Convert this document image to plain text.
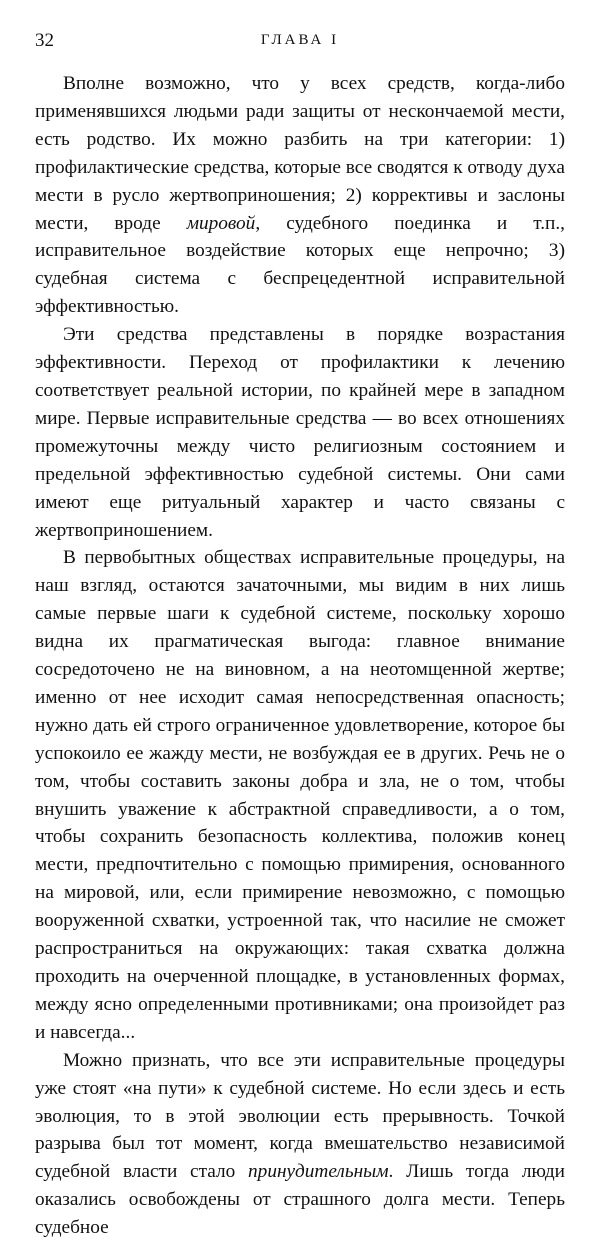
32	ГЛАВА I

Вполне возможно, что у всех средств, когда-либо применявшихся людьми ради защиты от нескончаемой мести, есть родство. Их можно разбить на три категории: 1) профилактические средства, которые все сводятся к отводу духа мести в русло жертвоприношения; 2) коррективы и заслоны мести, вроде мировой, судебного поединка и т.п., исправительное воздействие которых еще непрочно; 3) судебная система с беспрецедентной исправительной эффективностью.

Эти средства представлены в порядке возрастания эффективности. Переход от профилактики к лечению соответствует реальной истории, по крайней мере в западном мире. Первые исправительные средства — во всех отношениях промежуточны между чисто религиозным состоянием и предельной эффективностью судебной системы. Они сами имеют еще ритуальный характер и часто связаны с жертвоприношением.

В первобытных обществах исправительные процедуры, на наш взгляд, остаются зачаточными, мы видим в них лишь самые первые шаги к судебной системе, поскольку хорошо видна их прагматическая выгода: главное внимание сосредоточено не на виновном, а на неотомщенной жертве; именно от нее исходит самая непосредственная опасность; нужно дать ей строго ограниченное удовлетворение, которое бы успокоило ее жажду мести, не возбуждая ее в других. Речь не о том, чтобы составить законы добра и зла, не о том, чтобы внушить уважение к абстрактной справедливости, а о том, чтобы сохранить безопасность коллектива, положив конец мести, предпочтительно с помощью примирения, основанного на мировой, или, если примирение невозможно, с помощью вооруженной схватки, устроенной так, что насилие не сможет распространиться на окружающих: такая схватка должна проходить на очерченной площадке, в установленных формах, между ясно определенными противниками; она произойдет раз и навсегда...

Можно признать, что все эти исправительные процедуры уже стоят «на пути» к судебной системе. Но если здесь и есть эволюция, то в этой эволюции есть прерывность. Точкой разрыва был тот момент, когда вмешательство независимой судебной власти стало принудительным. Лишь тогда люди оказались освобождены от страшного долга мести. Теперь судебное
